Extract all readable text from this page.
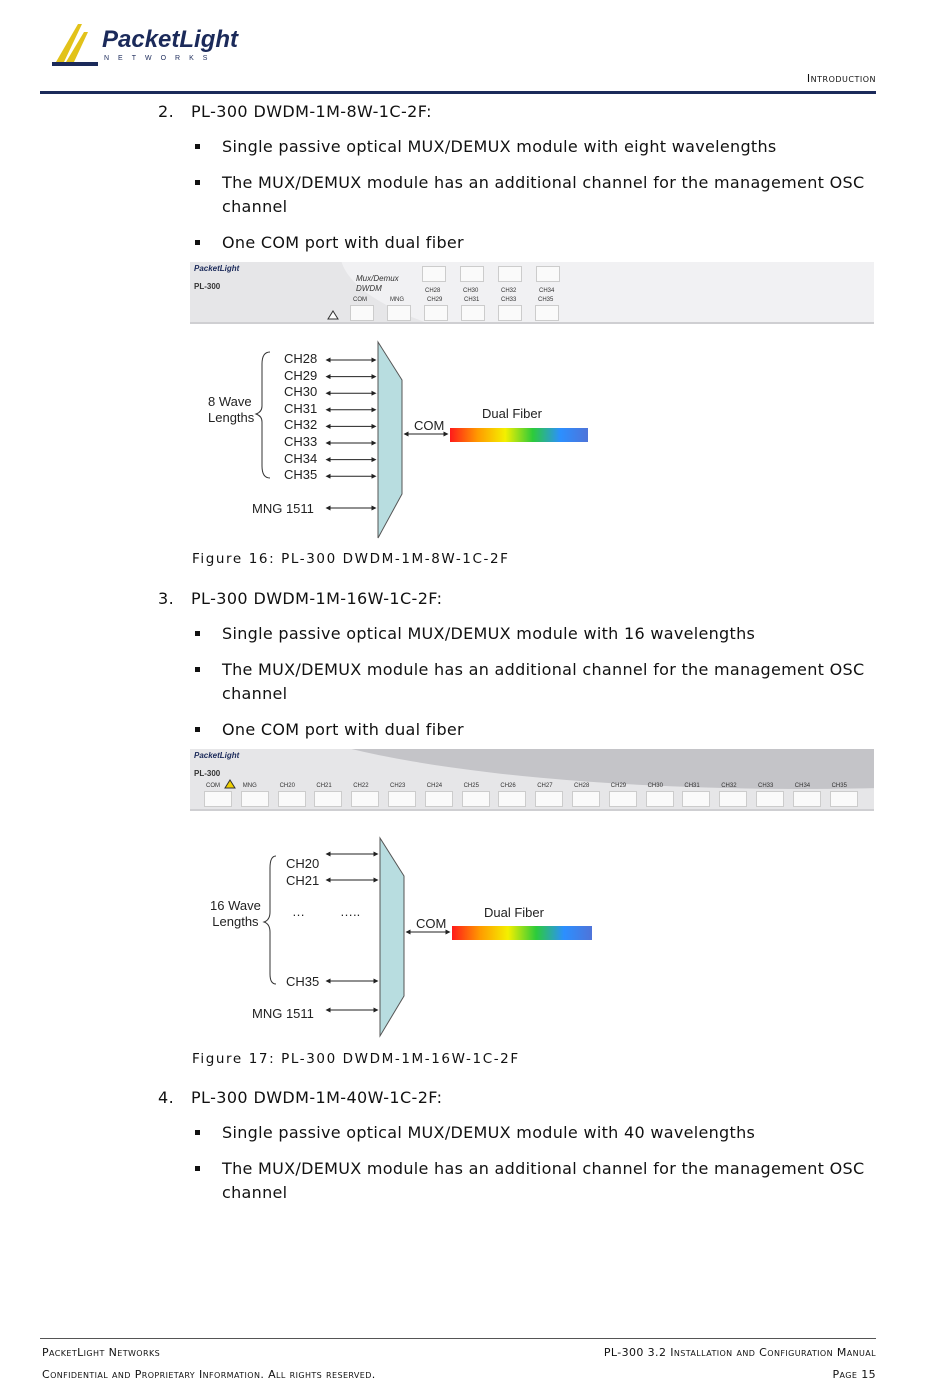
PacketLight
NETWORKS
Introduction
2. PL-300 DWDM-1M-8W-1C-2F:
Single passive optical MUX/DEMUX module with eight wavelengths
The MUX/DEMUX module has an additional channel for the management OSC channel
One COM port with dual fiber
PacketLight
PL-300
Mux/Demux
DWDM	CH28	CH30	CH32	CH34
COM	MNG	CH29	CH31	CH33	CH35
8 Wave
Lengths
CH28
CH29
CH30
CH31
CH32
CH33
CH34
CH35
MNG 1511
COM
Dual Fiber
Figure 16: PL-300 DWDM-1M-8W-1C-2F
3. PL-300 DWDM-1M-16W-1C-2F:
Single passive optical MUX/DEMUX module with 16 wavelengths
The MUX/DEMUX module has an additional channel for the management OSC channel
One COM port with dual fiber
PacketLight
PL-300
COM	MNG	CH20	CH21	CH22	CH23	CH24	CH25	CH26	CH27	CH28	CH29	CH30	CH31	CH32	CH33	CH34	CH35
16 Wave
Lengths
CH20
CH21
…	…..
CH35
MNG 1511
COM
Dual Fiber
Figure 17: PL-300 DWDM-1M-16W-1C-2F
4. PL-300 DWDM-1M-40W-1C-2F:
Single passive optical MUX/DEMUX module with 40 wavelengths
The MUX/DEMUX module has an additional channel for the management OSC channel
PacketLight Networks	PL-300 3.2 Installation and Configuration Manual
Confidential and Proprietary Information. All rights reserved.	Page 15
